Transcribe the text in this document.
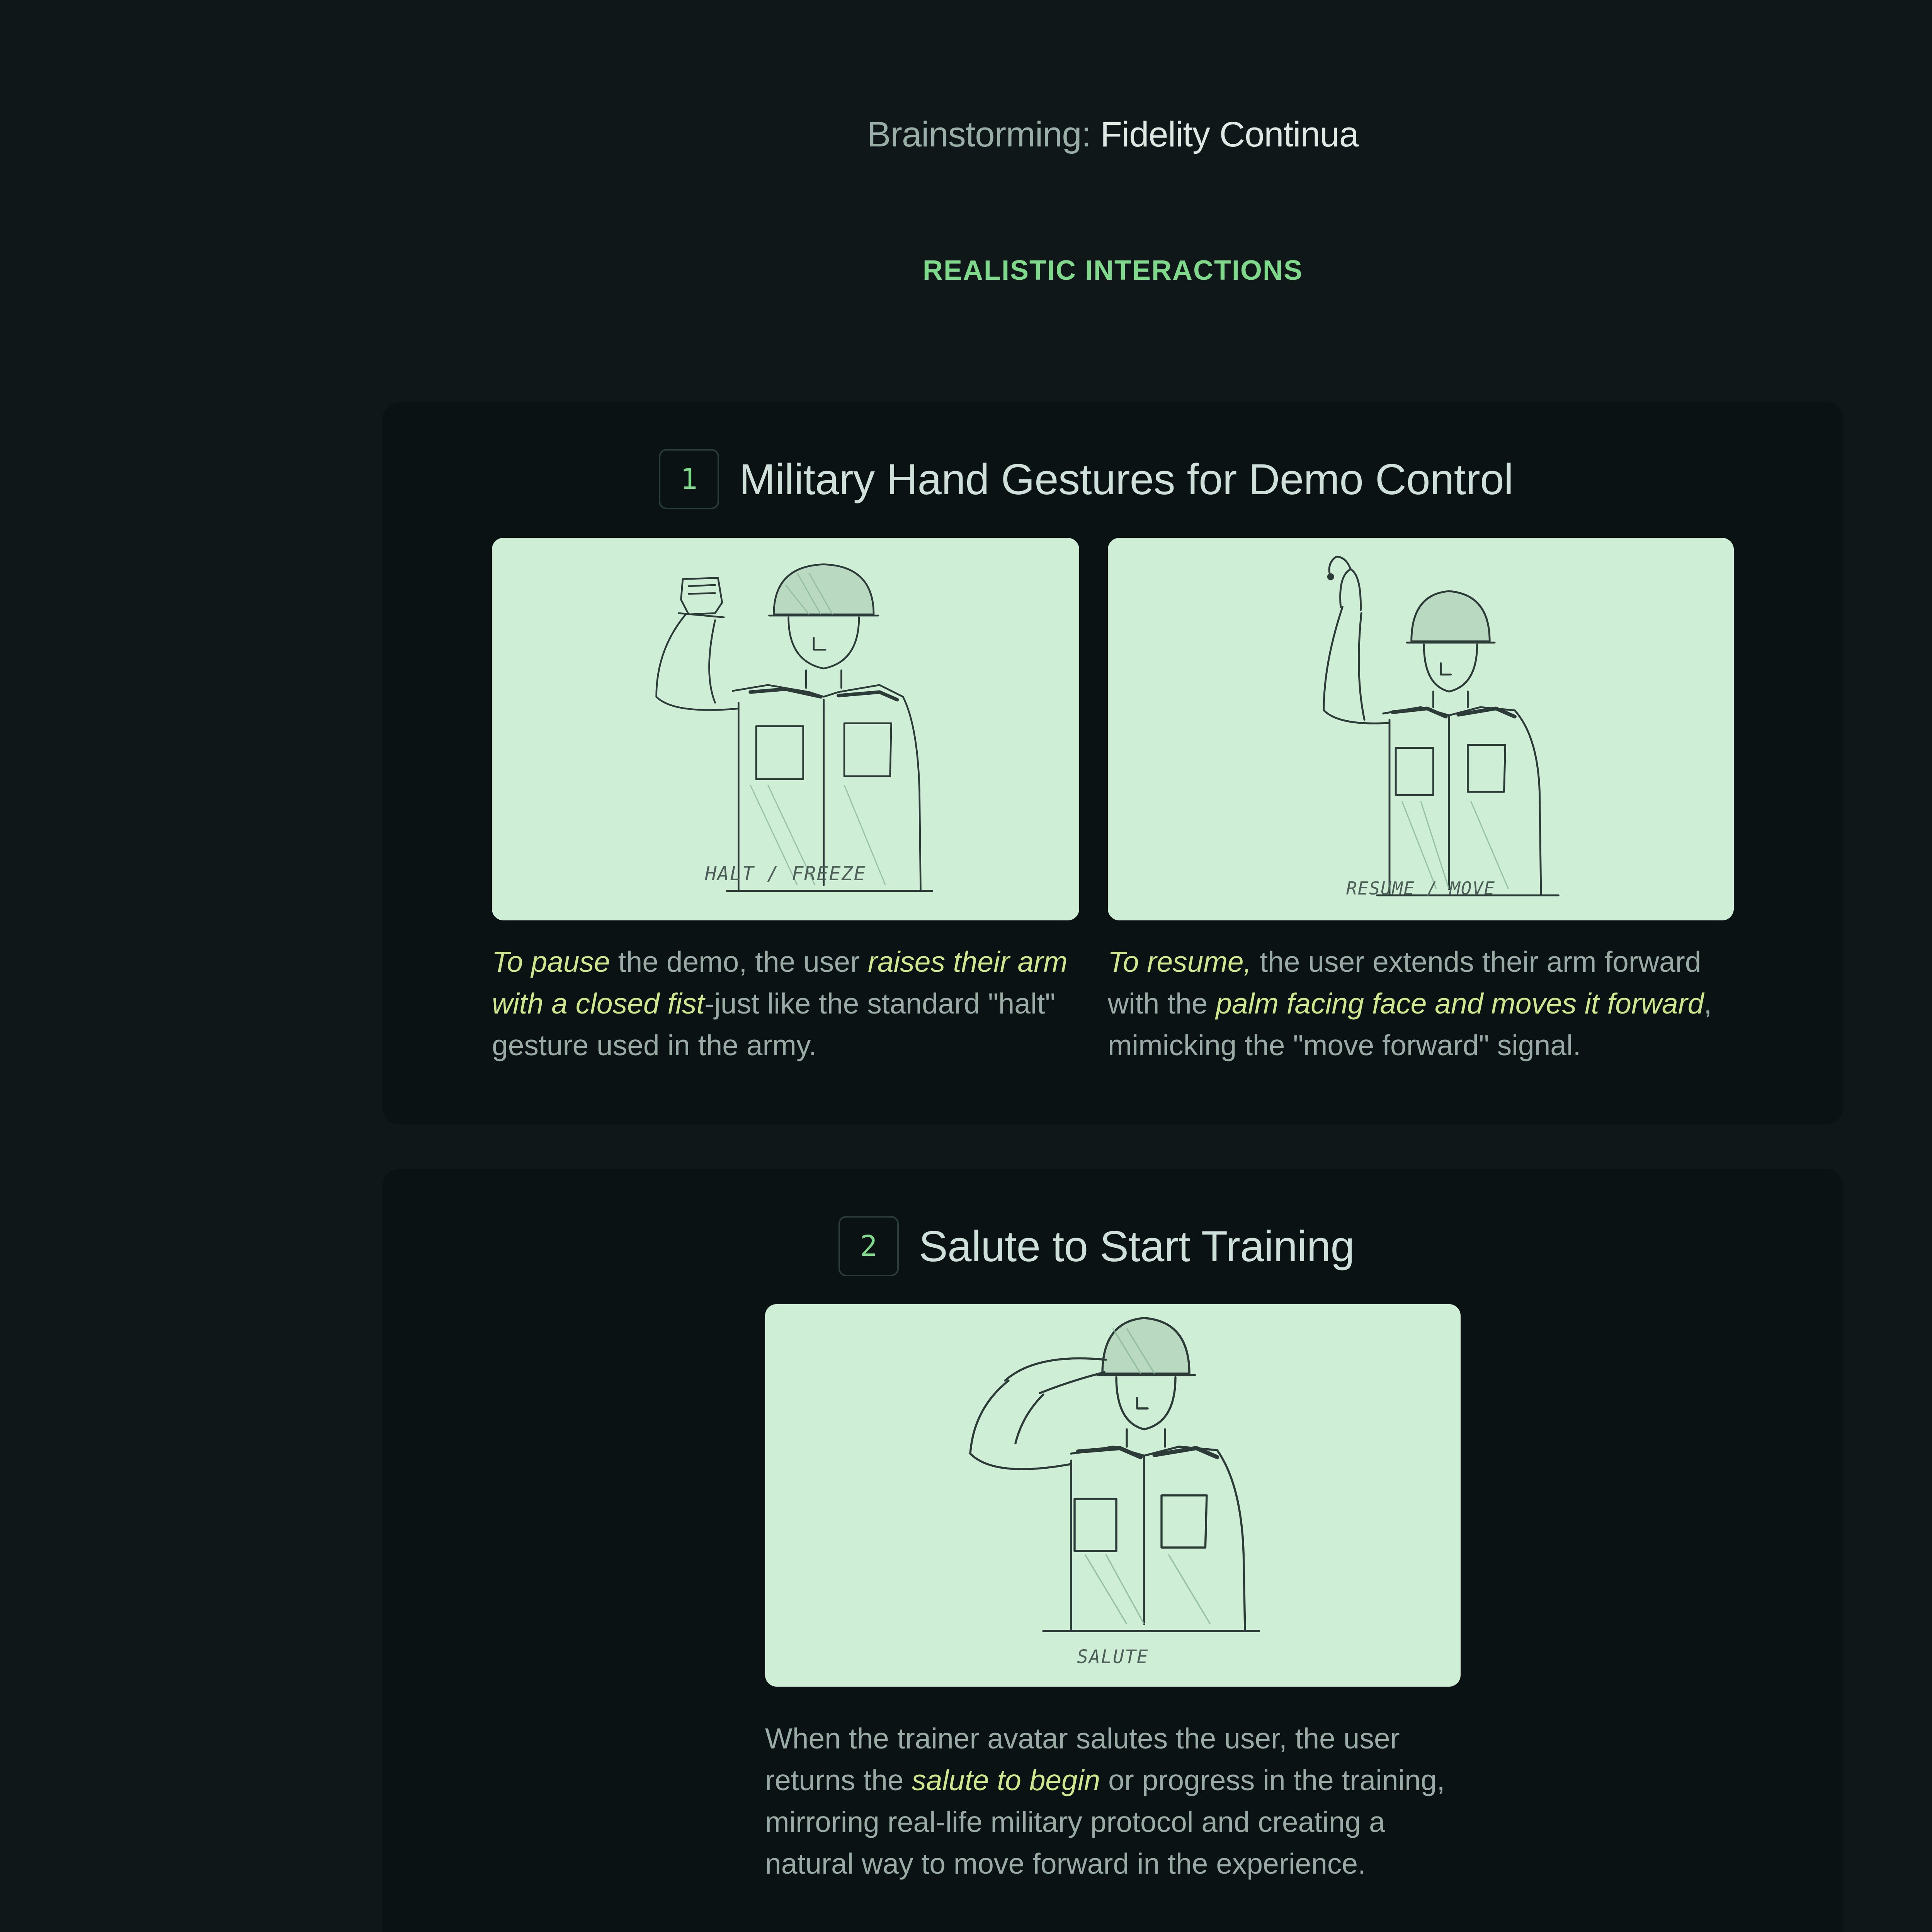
Brainstorming: Fidelity Continua
REALISTIC INTERACTIONS
1 Military Hand Gestures for Demo Control
HALT / FREEZE
RESUME / MOVE
To pause the demo, the user raises their arm with a closed fist-just like the standard "halt" gesture used in the army.
To resume, the user extends their arm forward with the palm facing face and moves it forward, mimicking the "move forward" signal.
2 Salute to Start Training
SALUTE
When the trainer avatar salutes the user, the user returns the salute to begin or progress in the training, mirroring real-life military protocol and creating a natural way to move forward in the experience.
